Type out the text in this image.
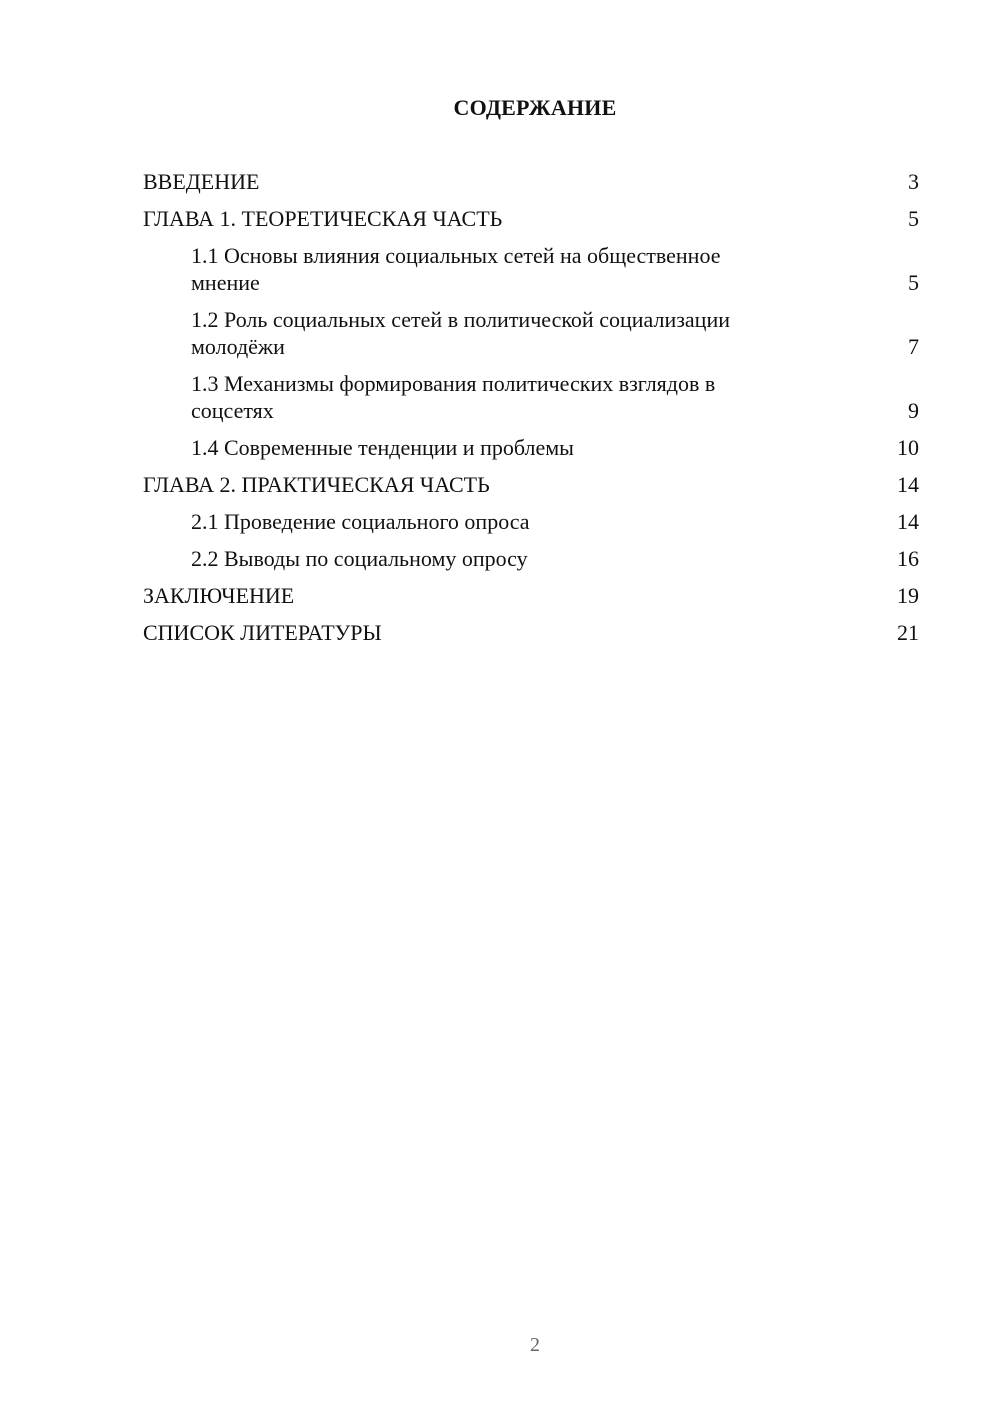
СОДЕРЖАНИЕ
ВВЕДЕНИЕ	3
ГЛАВА 1. ТЕОРЕТИЧЕСКАЯ ЧАСТЬ	5
1.1 Основы влияния социальных сетей на общественное
мнение	5
1.2 Роль социальных сетей в политической социализации
молодёжи	7
1.3 Механизмы формирования политических взглядов в
соцсетях	9
1.4 Современные тенденции и проблемы	10
ГЛАВА 2. ПРАКТИЧЕСКАЯ ЧАСТЬ	14
2.1 Проведение социального опроса	14
2.2 Выводы по социальному опросу	16
ЗАКЛЮЧЕНИЕ	19
СПИСОК ЛИТЕРАТУРЫ	21
2
